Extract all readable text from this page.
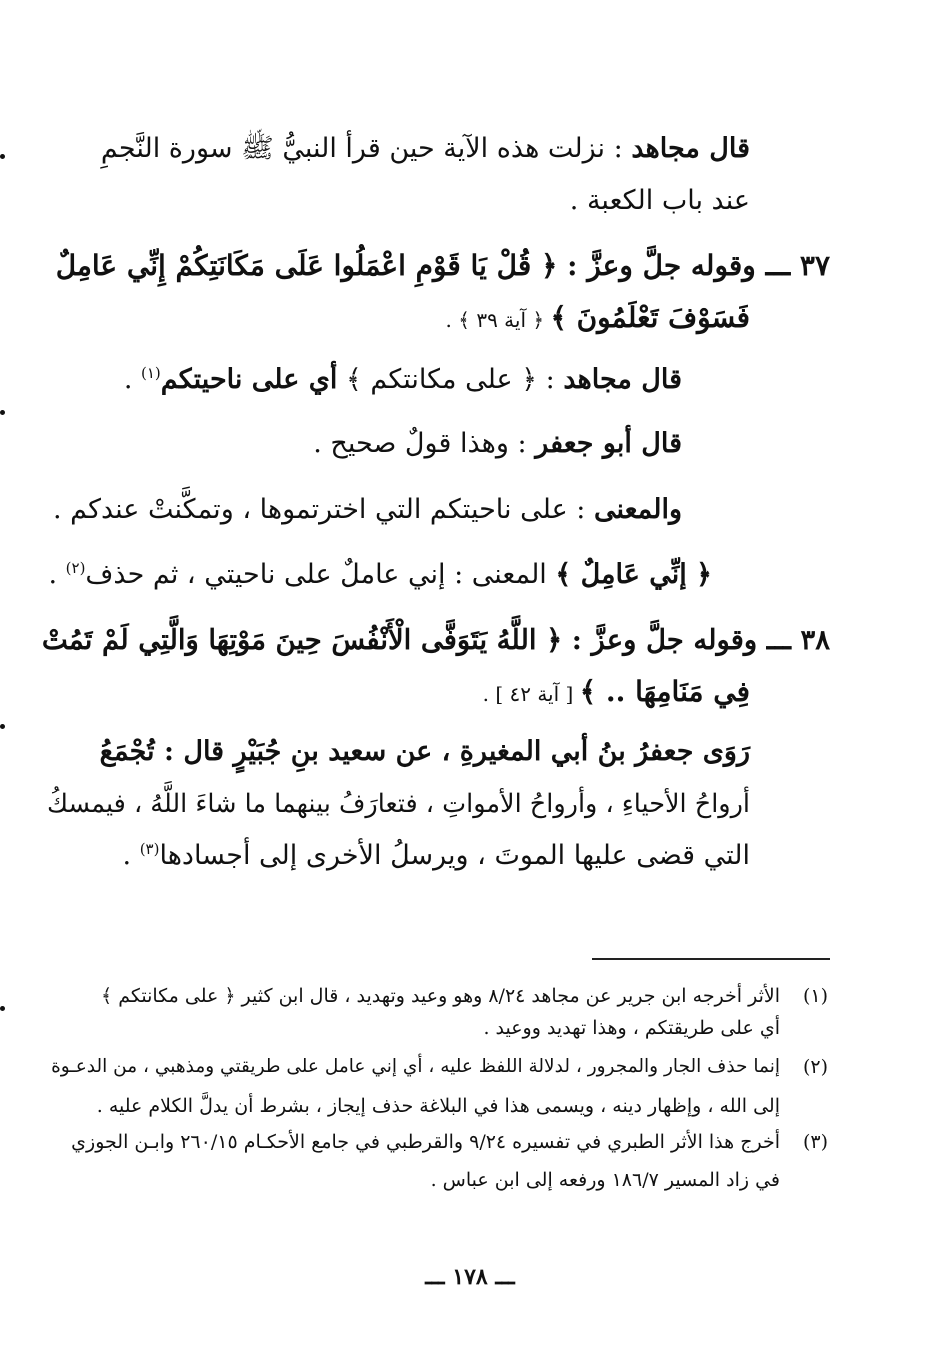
قال مجاهد : نزلت هذه الآية حين قرأ النبيُّ ﷺ سورة النَّجمِ
عند باب الكعبة .
٣٧ ـــ وقوله جلَّ وعزَّ : ﴿ قُلْ يَا قَوْمِ اعْمَلُوا عَلَى مَكَانَتِكُمْ إِنِّي عَامِلٌ
فَسَوْفَ تَعْلَمُونَ ﴾ ﴿ آية ٣٩ ﴾ .
قال مجاهد : ﴿ على مكانتكم ﴾ أي على ناحيتكم$^{(١)}$ .
قال أبو جعفر : وهذا قولٌ صحيح .
والمعنى : على ناحيتكم التي اخترتموها ، وتمكَّنتْ عندكم .
﴿ إنِّي عَامِلٌ ﴾ المعنى : إني عاملٌ على ناحيتي ، ثم حذف$^{(٢)}$ .
٣٨ ـــ وقوله جلَّ وعزَّ : ﴿ اللَّهُ يَتَوَفَّى الْأَنْفُسَ حِينَ مَوْتِهَا وَالَّتِي لَمْ تَمُتْ
فِي مَنَامِهَا .. ﴾ [ آية ٤٢ ] .
رَوَى جعفرُ بنُ أبي المغيرةِ ، عن سعيد بنِ جُبَيْرٍ قال : تُجْمَعُ
أرواحُ الأحياءِ ، وأرواحُ الأمواتِ ، فتعارَفُ بينهما ما شاءَ اللَّهُ ، فيمسكُ
التي قضى عليها الموتَ ، ويرسلُ الأخرى إلى أجسادها$^{(٣)}$ .
(١)
الأثر أخرجه ابن جرير عن مجاهد ٨/٢٤ وهو وعيد وتهديد ، قال ابن كثير ﴿ على مكانتكم ﴾
أي على طريقتكم ، وهذا تهديد ووعيد .
(٢)
إنما حذف الجار والمجرور ، لدلالة اللفظ عليه ، أي إني عامل على طريقتي ومذهبي ، من الدعـوة
إلى الله ، وإظهار دينه ، ويسمى هذا في البلاغة حذف إيجاز ، بشرط أن يدلَّ الكلام عليه .
(٣)
أخرج هذا الأثر الطبري في تفسيره ٩/٢٤ والقرطبي في جامع الأحكـام ٢٦٠/١٥ وابـن الجوزي
في زاد المسير ١٨٦/٧ ورفعه إلى ابن عباس .
ـــ ١٧٨ ـــ
